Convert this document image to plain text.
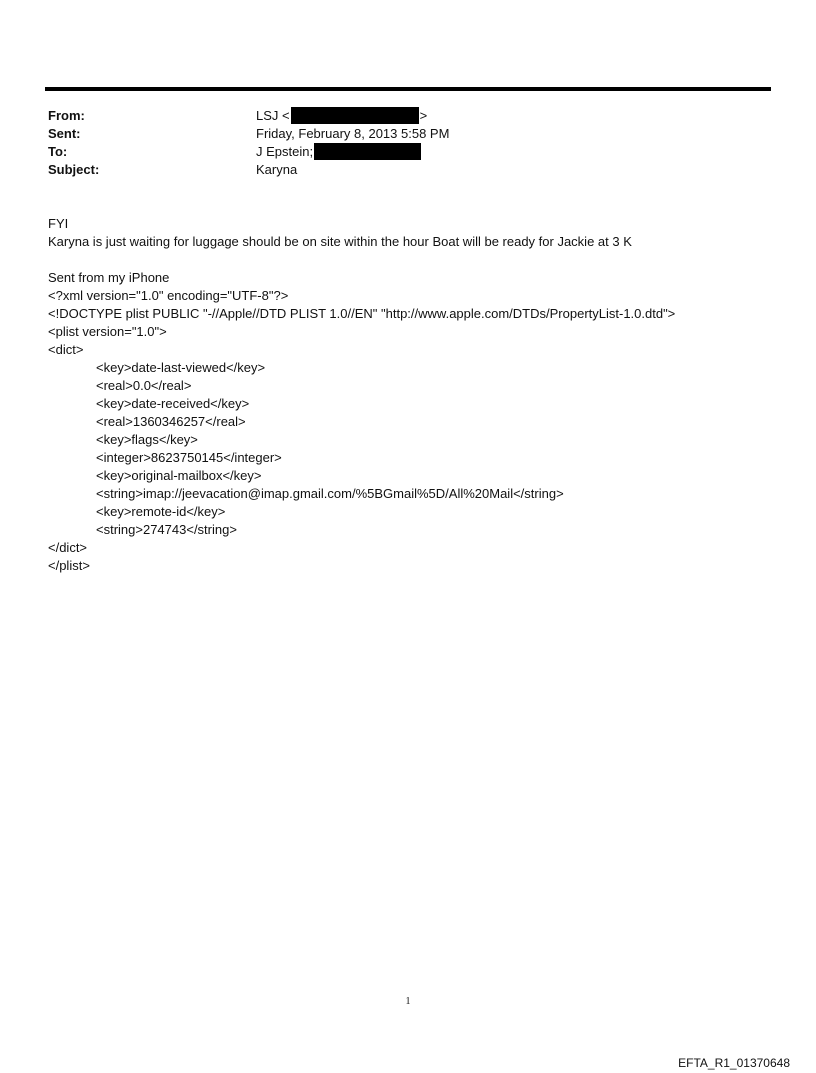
From:	LSJ <	>
Sent:	Friday, February 8, 2013 5:58 PM
To:	J Epstein;
Subject:	Karyna
FYI
Karyna is just waiting for luggage should be on site within the hour Boat will be ready for Jackie at 3 K
Sent from my iPhone
<?xml version="1.0" encoding="UTF-8"?>
<!DOCTYPE plist PUBLIC "-//Apple//DTD PLIST 1.0//EN" "http://www.apple.com/DTDs/PropertyList-1.0.dtd">
<plist version="1.0">
<dict>
<key>date-last-viewed</key>
<real>0.0</real>
<key>date-received</key>
<real>1360346257</real>
<key>flags</key>
<integer>8623750145</integer>
<key>original-mailbox</key>
<string>imap://jeevacation@imap.gmail.com/%5BGmail%5D/All%20Mail</string>
<key>remote-id</key>
<string>274743</string>
</dict>
</plist>
1
EFTA_R1_01370648
